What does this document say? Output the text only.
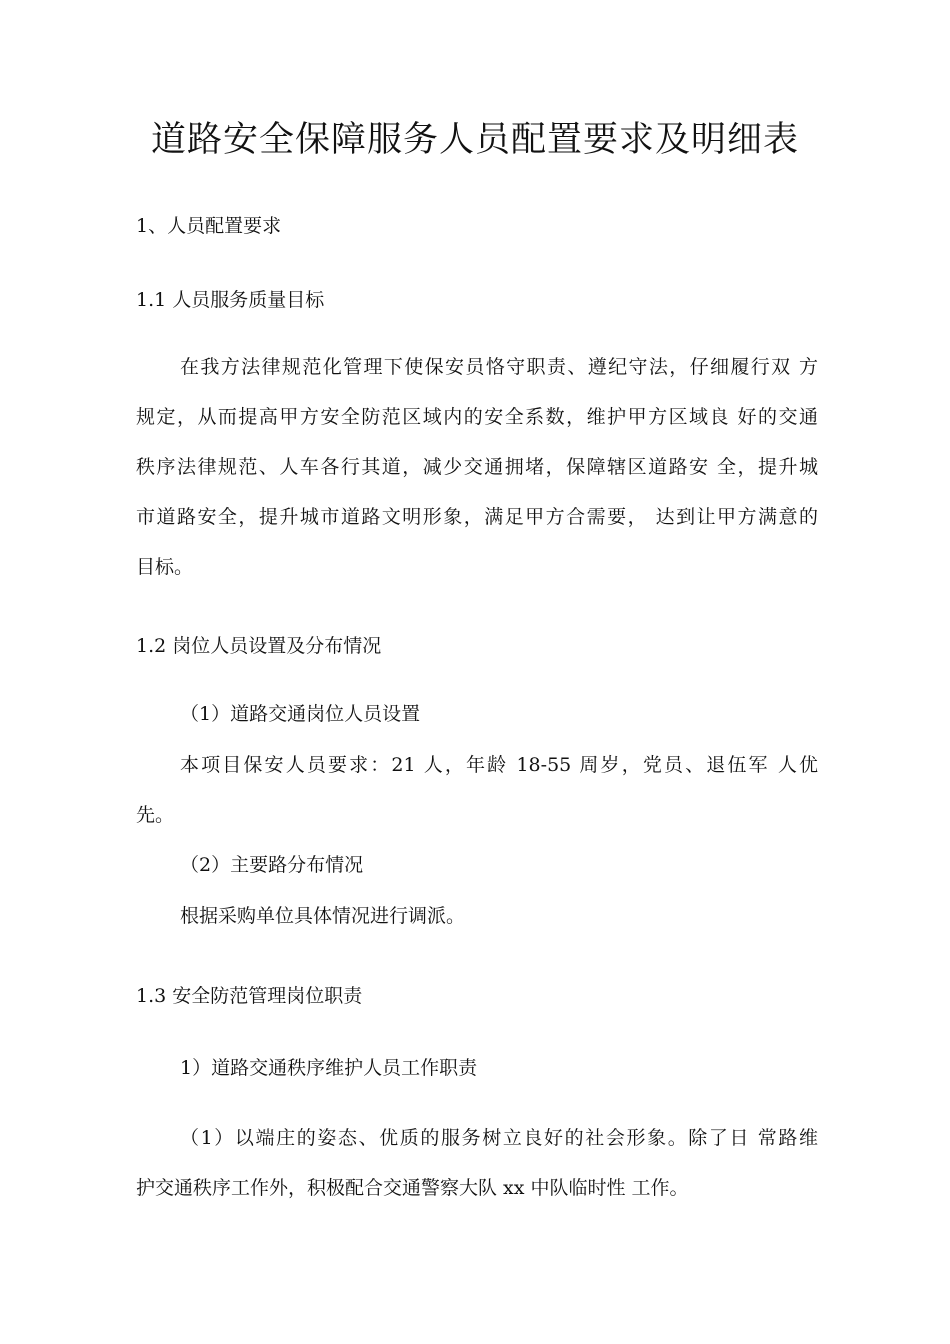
道路安全保障服务人员配置要求及明细表
1、人员配置要求
1.1 人员服务质量目标
在我方法律规范化管理下使保安员恪守职责、遵纪守法，仔细履行双 方
规定，从而提高甲方安全防范区域内的安全系数，维护甲方区域良 好的交通
秩序法律规范、人车各行其道，减少交通拥堵，保障辖区道路安 全，提升城
市道路安全，提升城市道路文明形象，满足甲方合需要， 达到让甲方满意的
目标。
1.2 岗位人员设置及分布情况
（1）道路交通岗位人员设置
本项目保安人员要求：21 人，年龄 18-55 周岁，党员、退伍军 人优
先。
（2）主要路分布情况
根据采购单位具体情况进行调派。
1.3 安全防范管理岗位职责
1）道路交通秩序维护人员工作职责
（1）以端庄的姿态、优质的服务树立良好的社会形象。除了日 常路维
护交通秩序工作外，积极配合交通警察大队 xx 中队临时性 工作。
